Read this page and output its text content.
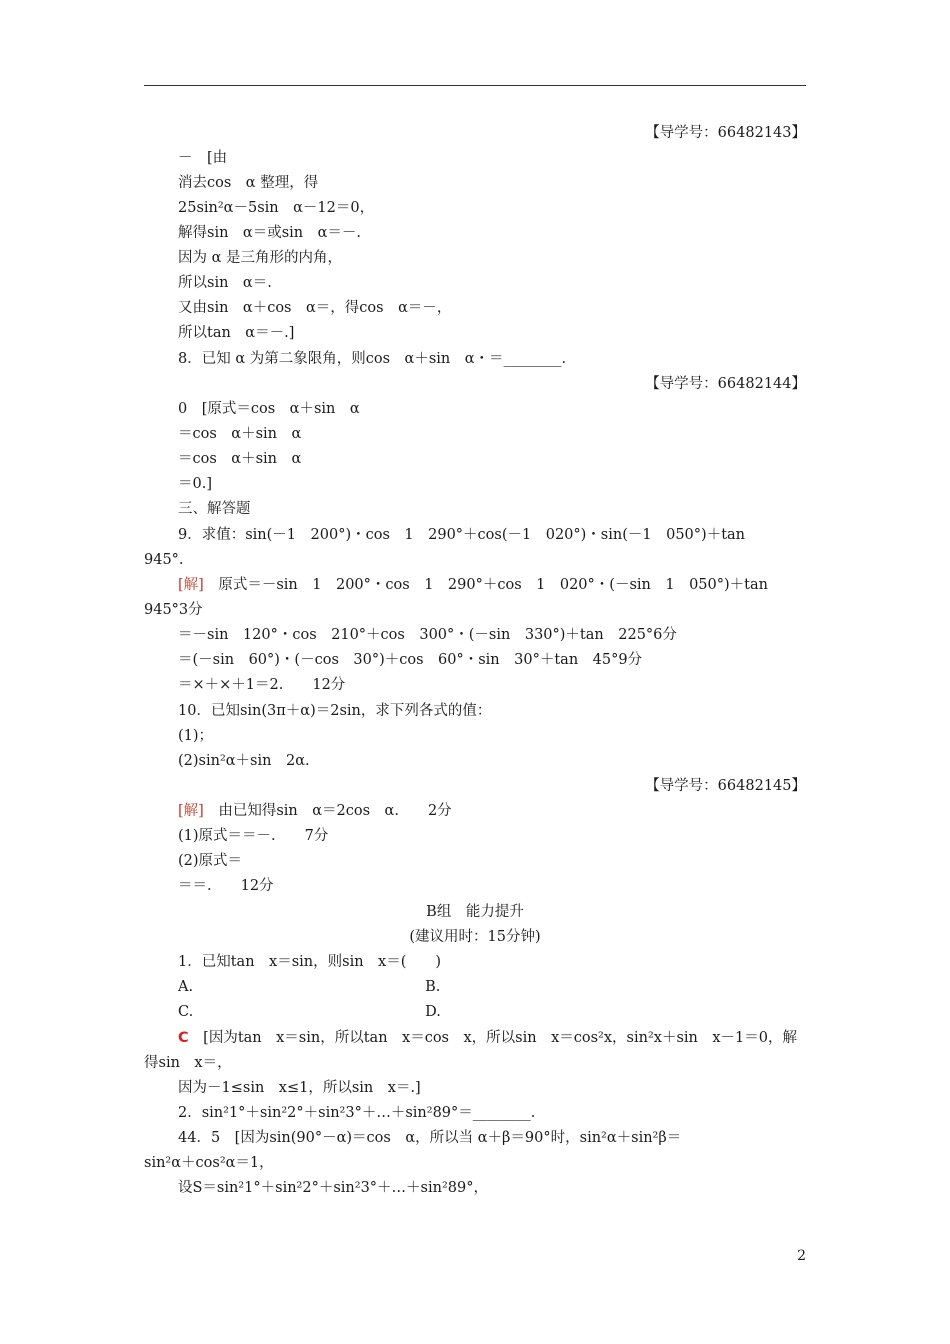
【导学号：66482143】
－　[由
消去cos　α 整理，得
25sin²α－5sin　α－12＝0，
解得sin　α＝或sin　α＝－.
因为 α 是三角形的内角，
所以sin　α＝.
又由sin　α＋cos　α＝，得cos　α＝－，
所以tan　α＝－.]
8．已知 α 为第二象限角，则cos　α＋sin　α・＝________.
【导学号：66482144】
0　[原式＝cos　α＋sin　α
＝cos　α＋sin　α
＝cos　α＋sin　α
＝0.]
三、解答题
9．求值：sin(－1　200°)・cos　1　290°＋cos(－1　020°)・sin(－1　050°)＋tan
945°.
[解]　原式＝－sin　1　200°・cos　1　290°＋cos　1　020°・(－sin　1　050°)＋tan
945°3分
＝－sin　120°・cos　210°＋cos　300°・(－sin　330°)＋tan　225°6分
＝(－sin　60°)・(－cos　30°)＋cos　60°・sin　30°＋tan　45°9分
＝×＋×＋1＝2.　　12分
10．已知sin(3π＋α)＝2sin，求下列各式的值：
(1)；
(2)sin²α＋sin　2α.
【导学号：66482145】
[解]　由已知得sin　α＝2cos　α.　　2分
(1)原式＝＝－.　　7分
(2)原式＝
＝＝.　　12分
B组　能力提升
(建议用时：15分钟)
1．已知tan　x＝sin，则sin　x＝(　　)
A.　　　　　　　　　　　　　　　　B.
C.　　　　　　　　　　　　　　　　D.
C　[因为tan　x＝sin，所以tan　x＝cos　x，所以sin　x＝cos²x，sin²x＋sin　x－1＝0，解
得sin　x＝，
因为－1≤sin　x≤1，所以sin　x＝.]
2．sin²1°＋sin²2°＋sin²3°＋…＋sin²89°＝________.
44．5　[因为sin(90°－α)＝cos　α，所以当 α＋β＝90°时，sin²α＋sin²β＝
sin²α＋cos²α＝1，
设S＝sin²1°＋sin²2°＋sin²3°＋…＋sin²89°，
2
